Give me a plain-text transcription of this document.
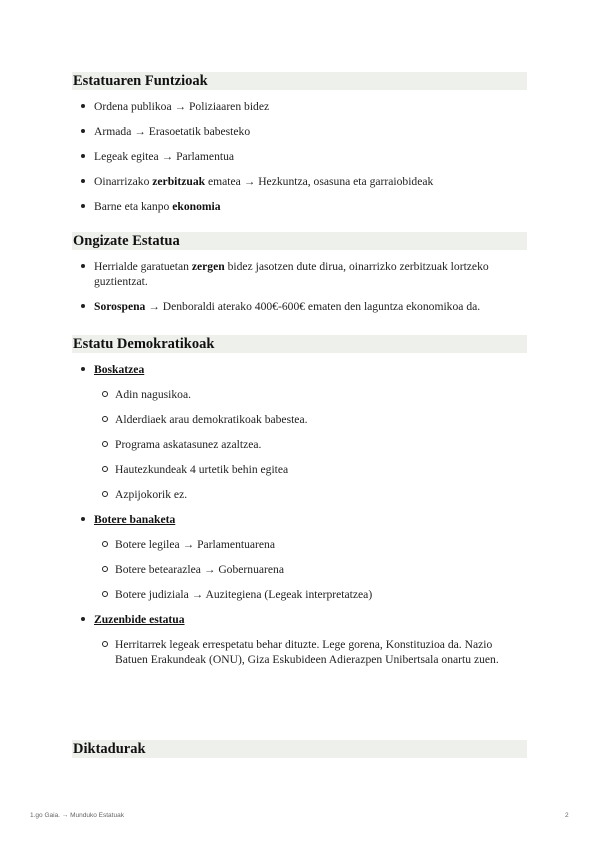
Estatuaren Funtzioak
Ordena publikoa → Poliziaaren bidez
Armada → Erasoetatik babesteko
Legeak egitea → Parlamentua
Oinarrizako zerbitzuak ematea → Hezkuntza, osasuna eta garraiobideak
Barne eta kanpo ekonomia
Ongizate Estatua
Herrialde garatuetan zergen bidez jasotzen dute dirua, oinarrizko zerbitzuak lortzeko guztientzat.
Sorospena → Denboraldi aterako 400€-600€ ematen den laguntza ekonomikoa da.
Estatu Demokratikoak
Boskatzea
Adin nagusikoa.
Alderdiaek arau demokratikoak babestea.
Programa askatasunez azaltzea.
Hautezkundeak 4 urtetik behin egitea
Azpijokorik ez.
Botere banaketa
Botere legilea → Parlamentuarena
Botere betearazlea → Gobernuarena
Botere judiziala → Auzitegiena (Legeak interpretatzea)
Zuzenbide estatua
Herritarrek legeak errespetatu behar dituzte. Lege gorena, Konstituzioa da. Nazio Batuen Erakundeak (ONU), Giza Eskubideen Adierazpen Unibertsala onartu zuen.
Diktadurak
1.go Gaia. → Munduko Estatuak	2
